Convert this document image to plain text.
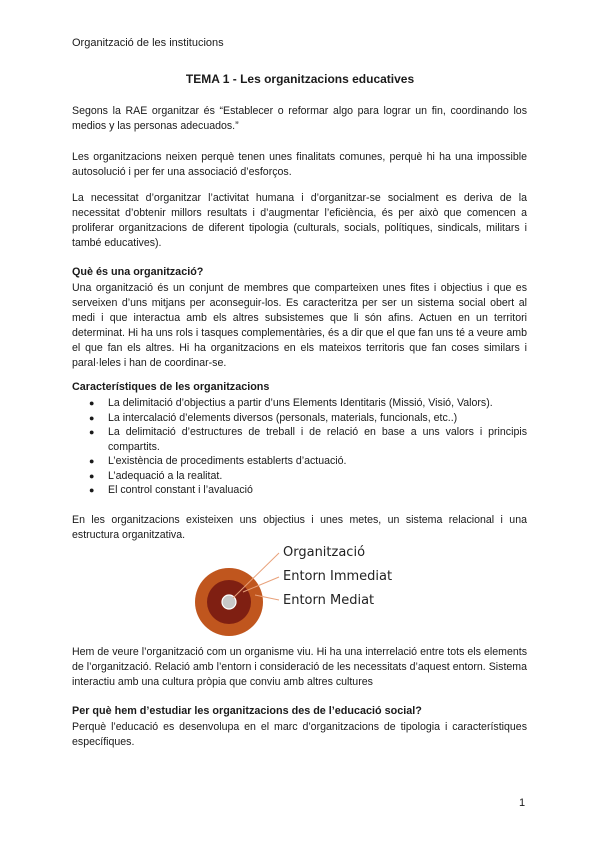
Organització de les institucions
TEMA 1 - Les organitzacions educatives

Segons la RAE organitzar és “Establecer o reformar algo para lograr un fin, coordinando los medios y las personas adecuados.”

Les organitzacions neixen perquè tenen unes finalitats comunes, perquè hi ha una impossible autosolució i per fer una associació d’esforços.

La necessitat d’organitzar l’activitat humana i d’organitzar-se socialment es deriva de la necessitat d’obtenir millors resultats i d’augmentar l’eficiència, és per això que comencen a proliferar organitzacions de diferent tipologia (culturals, socials, polítiques, sindicals, militars i també educatives).

Què és una organització?

Una organització és un conjunt de membres que comparteixen unes fites i objectius i que es serveixen d’uns mitjans per aconseguir-los. Es caracteritza per ser un sistema social obert al medi i que interactua amb els altres subsistemes que li són afins. Actuen en un territori determinat. Hi ha uns rols i tasques complementàries, és a dir que el que fan uns té a veure amb el que fan els altres. Hi ha organitzacions en els mateixos territoris que fan coses similars i paral·leles i han de coordinar-se.

Característiques de les organitzacions

● La delimitació d’objectius a partir d’uns Elements Identitaris (Missió, Visió, Valors).
● La intercalació d’elements diversos (personals, materials, funcionals, etc..)
● La delimitació d’estructures de treball i de relació en base a uns valors i principis compartits.
● L’existència de procediments establerts d’actuació.
● L’adequació a la realitat.
● El control constant i l’avaluació

En les organitzacions existeixen uns objectius i unes metes, un sistema relacional i una estructura organitzativa.

Organització
Entorn Immediat
Entorn Mediat

Hem de veure l’organització com un organisme viu. Hi ha una interrelació entre tots els elements de l’organització. Relació amb l’entorn i consideració de les necessitats d’aquest entorn. Sistema interactiu amb una cultura pròpia que conviu amb altres cultures

Per què hem d’estudiar les organitzacions des de l’educació social?

Perquè l’educació es desenvolupa en el marc d’organitzacions de tipologia i característiques específiques.

1
